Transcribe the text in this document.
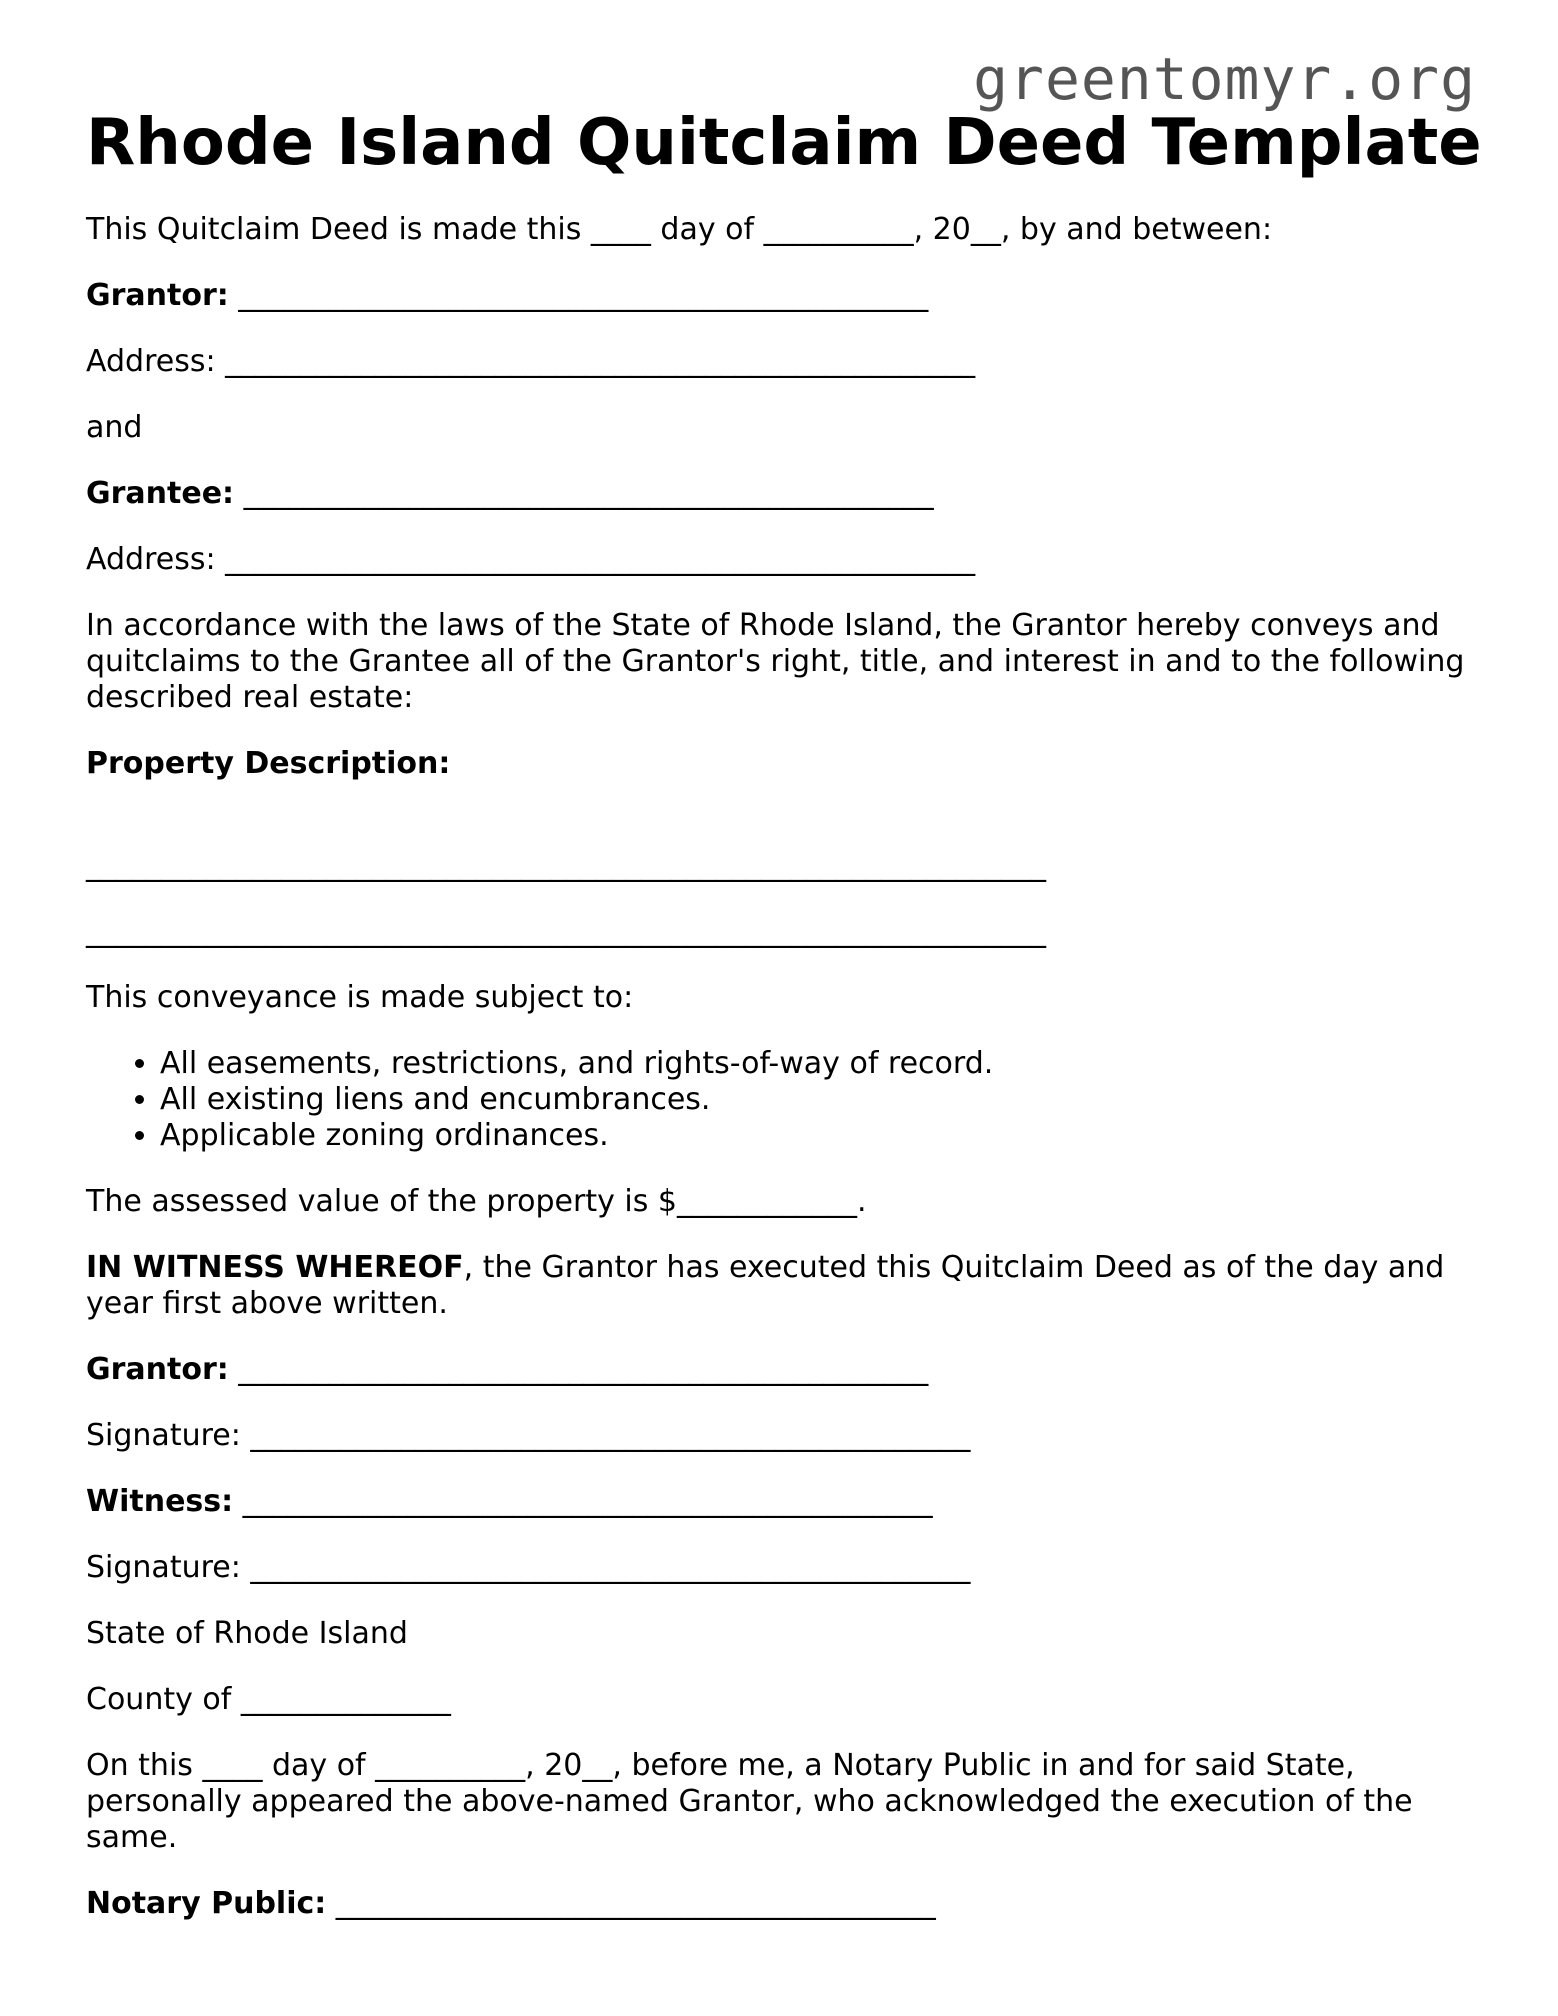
greentomyr.org
Rhode Island Quitclaim Deed Template

This Quitclaim Deed is made this ____ day of __________, 20__, by and between:

Grantor: ______________________________________________

Address: __________________________________________________

and

Grantee: ______________________________________________

Address: __________________________________________________

In accordance with the laws of the State of Rhode Island, the Grantor hereby conveys and quitclaims to the Grantee all of the Grantor's right, title, and interest in and to the following described real estate:

Property Description:

________________________________________________________________
________________________________________________________________

This conveyance is made subject to:

• All easements, restrictions, and rights-of-way of record.
• All existing liens and encumbrances.
• Applicable zoning ordinances.

The assessed value of the property is $____________.

IN WITNESS WHEREOF, the Grantor has executed this Quitclaim Deed as of the day and year first above written.

Grantor: ______________________________________________

Signature: ________________________________________________

Witness: ______________________________________________

Signature: ________________________________________________

State of Rhode Island

County of ______________

On this ____ day of __________, 20__, before me, a Notary Public in and for said State, personally appeared the above-named Grantor, who acknowledged the execution of the same.

Notary Public: ________________________________________
